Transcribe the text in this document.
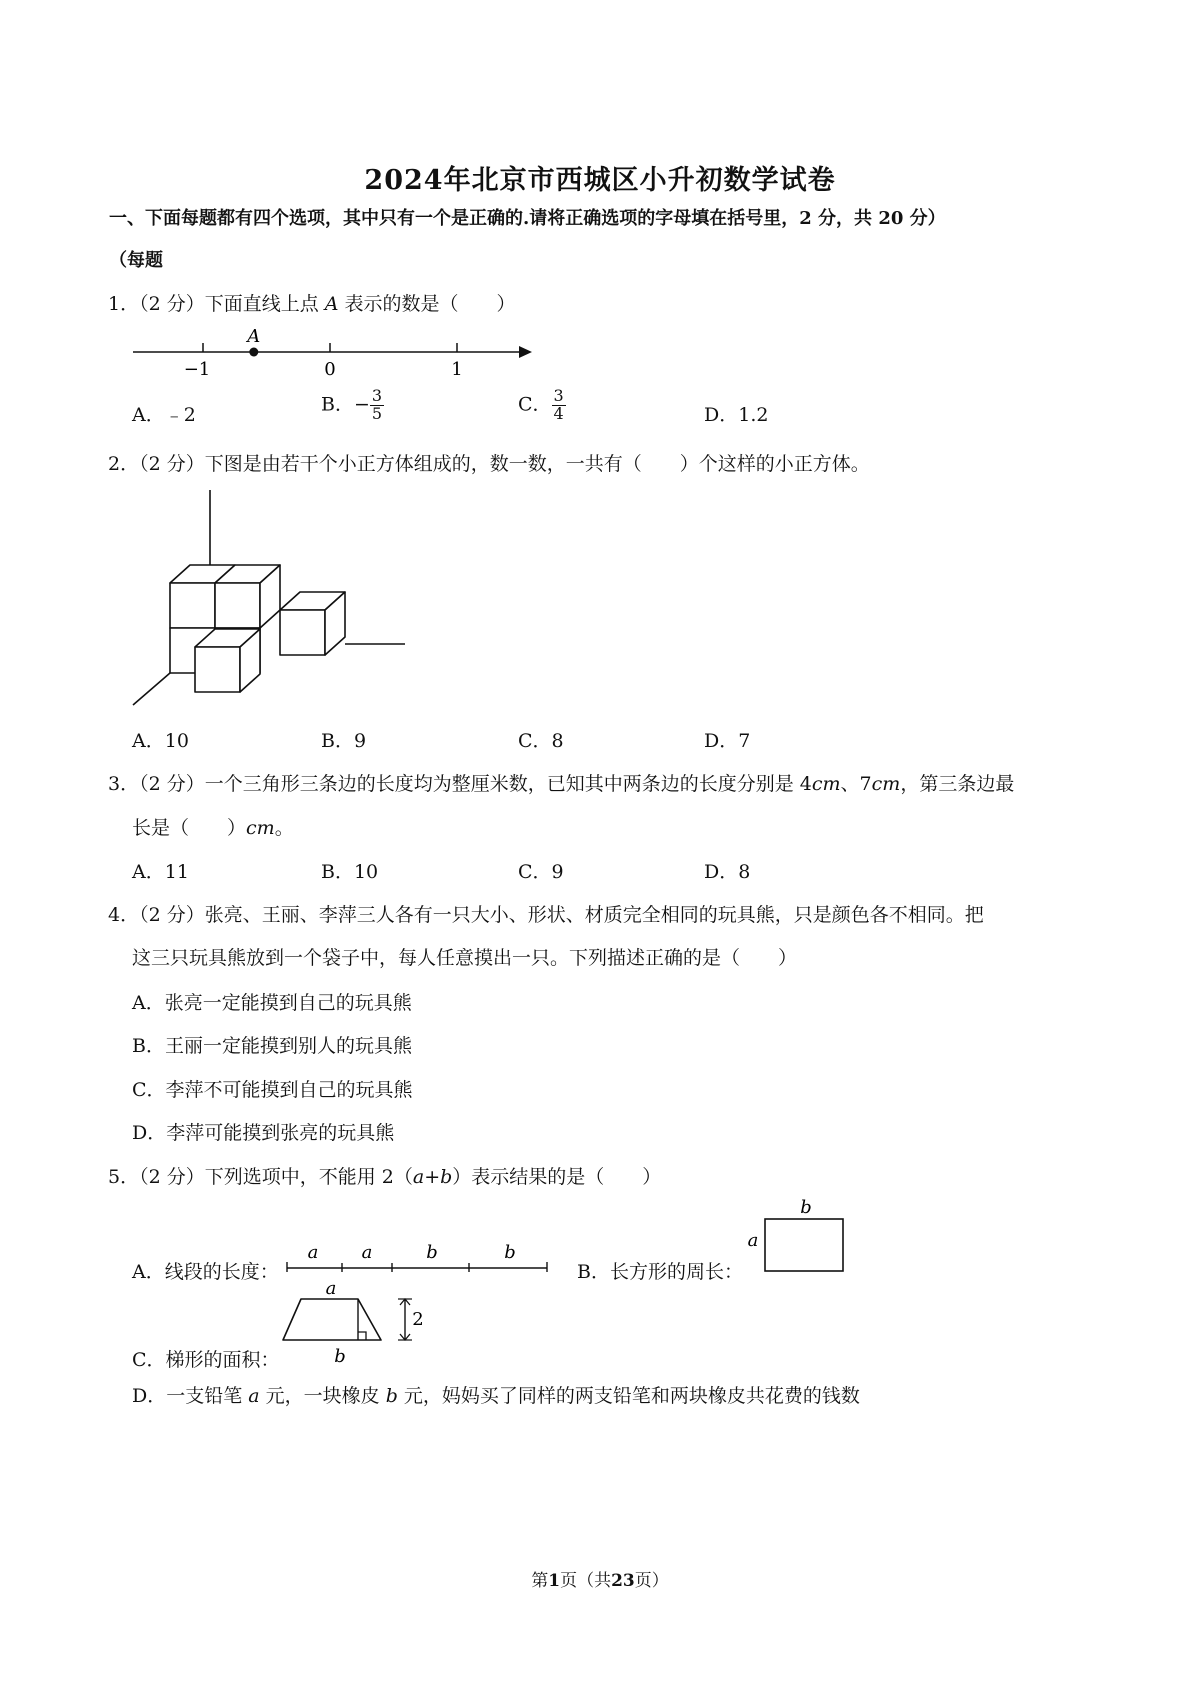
2024年北京市西城区小升初数学试卷
一、下面每题都有四个选项，其中只有一个是正确的.请将正确选项的字母填在括号里，2 分，共 20 分）
（每题
1．（2 分）下面直线上点 A 表示的数是（　　）
A
−1	0	1
A．﹣2	B．− $\frac{3}{5}$	C． $\frac{3}{4}$	D．1.2
2．（2 分）下图是由若干个小正方体组成的，数一数，一共有（　　）个这样的小正方体。
A．10	B．9	C．8	D．7
3．（2 分）一个三角形三条边的长度均为整厘米数，已知其中两条边的长度分别是 4cm、7cm，第三条边最
长是（　　）cm。
A．11	B．10	C．9	D．8
4．（2 分）张亮、王丽、李萍三人各有一只大小、形状、材质完全相同的玩具熊，只是颜色各不相同。把
这三只玩具熊放到一个袋子中，每人任意摸出一只。下列描述正确的是（　　）
A．张亮一定能摸到自己的玩具熊
B．王丽一定能摸到别人的玩具熊
C．李萍不可能摸到自己的玩具熊
D．李萍可能摸到张亮的玩具熊
5．（2 分）下列选项中，不能用 2（a+b）表示结果的是（　　）
A．线段的长度：
a a	b	b
B．长方形的周长：
b
a
C．梯形的面积：
a
b
2
D．一支铅笔 a 元，一块橡皮 b 元，妈妈买了同样的两支铅笔和两块橡皮共花费的钱数
第1页（共23页）
